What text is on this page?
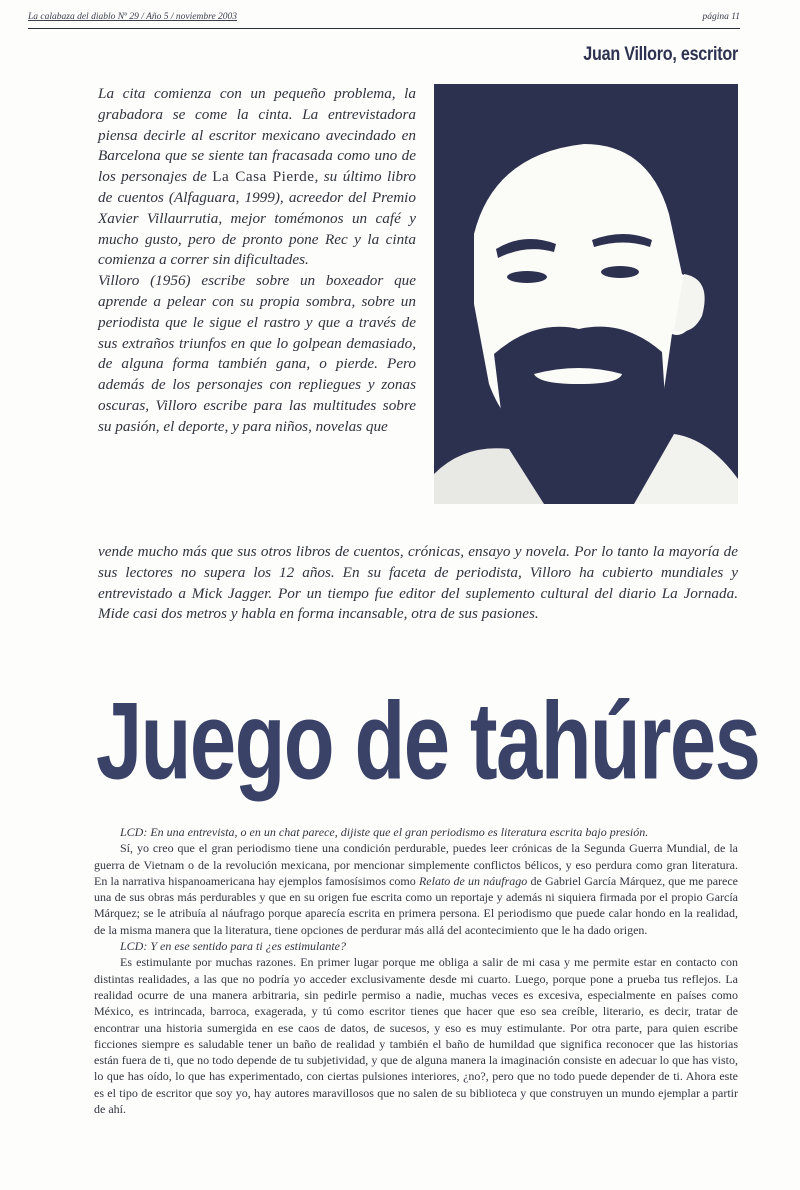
La calabaza del diablo Nº 29 / Año 5 / noviembre 2003	página 11
Juan Villoro, escritor

La cita comienza con un pequeño problema, la grabadora se come la cinta. La entrevistadora piensa decirle al escritor mexicano avecindado en Barcelona que se siente tan fracasada como uno de los personajes de La Casa Pierde, su último libro de cuentos (Alfaguara, 1999), acreedor del Premio Xavier Villaurrutia, mejor tomémonos un café y mucho gusto, pero de pronto pone Rec y la cinta comienza a correr sin dificultades.

Villoro (1956) escribe sobre un boxeador que aprende a pelear con su propia sombra, sobre un periodista que le sigue el rastro y que a través de sus extraños triunfos en que lo golpean demasiado, de alguna forma también gana, o pierde. Pero además de los personajes con repliegues y zonas oscuras, Villoro escribe para las multitudes sobre su pasión, el deporte, y para niños, novelas que

vende mucho más que sus otros libros de cuentos, crónicas, ensayo y novela. Por lo tanto la mayoría de sus lectores no supera los 12 años. En su faceta de periodista, Villoro ha cubierto mundiales y entrevistado a Mick Jagger. Por un tiempo fue editor del suplemento cultural del diario La Jornada. Mide casi dos metros y habla en forma incansable, otra de sus pasiones.

Juego de tahúres

LCD: En una entrevista, o en un chat parece, dijiste que el gran periodismo es literatura escrita bajo presión.

Sí, yo creo que el gran periodismo tiene una condición perdurable, puedes leer crónicas de la Segunda Guerra Mundial, de la guerra de Vietnam o de la revolución mexicana, por mencionar simplemente conflictos bélicos, y eso perdura como gran literatura. En la narrativa hispanoamericana hay ejemplos famosísimos como Relato de un náufrago de Gabriel García Márquez, que me parece una de sus obras más perdurables y que en su origen fue escrita como un reportaje y además ni siquiera firmada por el propio García Márquez; se le atribuía al náufrago porque aparecía escrita en primera persona. El periodismo que puede calar hondo en la realidad, de la misma manera que la literatura, tiene opciones de perdurar más allá del acontecimiento que le ha dado origen.

LCD: Y en ese sentido para ti ¿es estimulante?

Es estimulante por muchas razones. En primer lugar porque me obliga a salir de mi casa y me permite estar en contacto con distintas realidades, a las que no podría yo acceder exclusivamente desde mi cuarto. Luego, porque pone a prueba tus reflejos. La realidad ocurre de una manera arbitraria, sin pedirle permiso a nadie, muchas veces es excesiva, especialmente en países como México, es intrincada, barroca, exagerada, y tú como escritor tienes que hacer que eso sea creíble, literario, es decir, tratar de encontrar una historia sumergida en ese caos de datos, de sucesos, y eso es muy estimulante. Por otra parte, para quien escribe ficciones siempre es saludable tener un baño de realidad y también el baño de humildad que significa reconocer que las historias están fuera de ti, que no todo depende de tu subjetividad, y que de alguna manera la imaginación consiste en adecuar lo que has visto, lo que has oído, lo que has experimentado, con ciertas pulsiones interiores, ¿no?, pero que no todo puede depender de ti. Ahora este es el tipo de escritor que soy yo, hay autores maravillosos que no salen de su biblioteca y que construyen un mundo ejemplar a partir de ahí.
